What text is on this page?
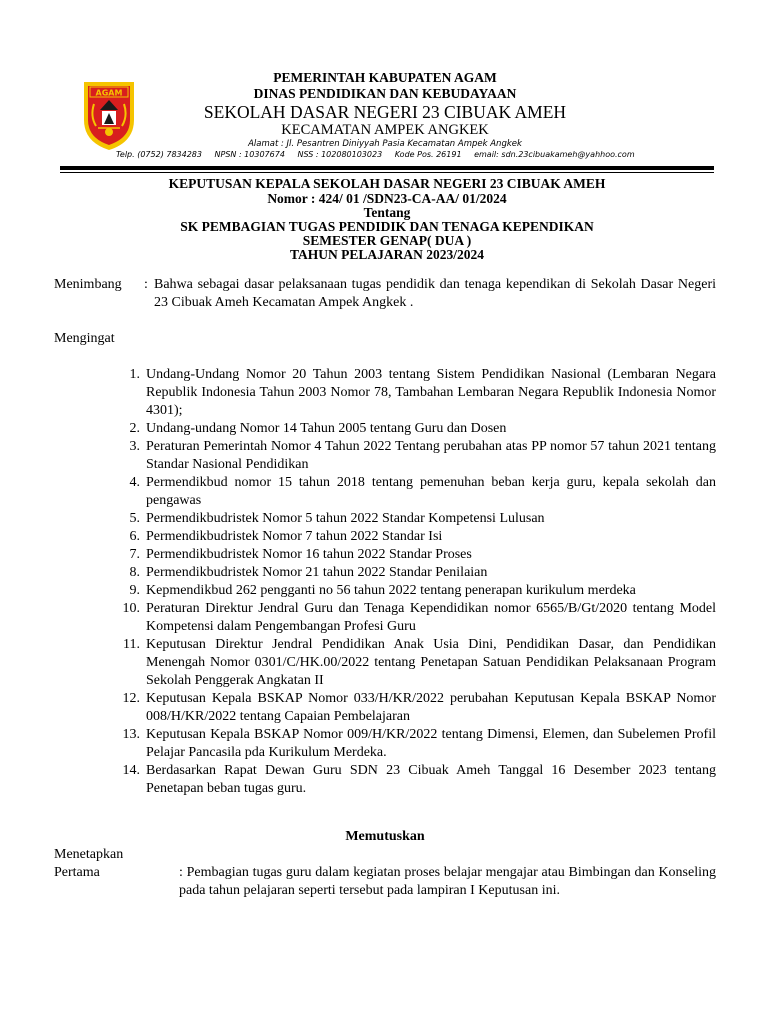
AGAM
PEMERINTAH KABUPATEN AGAM
DINAS PENDIDIKAN DAN KEBUDAYAAN
SEKOLAH DASAR NEGERI 23 CIBUAK AMEH
KECAMATAN AMPEK ANGKEK
Alamat : Jl. Pesantren Diniyyah Pasia Kecamatan Ampek Angkek
Telp. (0752) 7834283 NPSN : 10307674 NSS : 102080103023 Kode Pos. 26191 email: sdn.23cibuakameh@yahhoo.com
KEPUTUSAN KEPALA SEKOLAH DASAR NEGERI 23 CIBUAK AMEH
Nomor : 424/ 01 /SDN23-CA-AA/ 01/2024
Tentang
SK PEMBAGIAN TUGAS PENDIDIK DAN TENAGA KEPENDIKAN
SEMESTER GENAP( DUA )
TAHUN PELAJARAN 2023/2024
Menimbang	: Bahwa sebagai dasar pelaksanaan tugas pendidik dan tenaga kependikan di Sekolah Dasar Negeri 23 Cibuak Ameh Kecamatan Ampek Angkek .
Mengingat
1. Undang-Undang Nomor 20 Tahun 2003 tentang Sistem Pendidikan Nasional (Lembaran Negara Republik Indonesia Tahun 2003 Nomor 78, Tambahan Lembaran Negara Republik Indonesia Nomor 4301);
2. Undang-undang Nomor 14 Tahun 2005 tentang Guru dan Dosen
3. Peraturan Pemerintah Nomor 4 Tahun 2022 Tentang perubahan atas PP nomor 57 tahun 2021 tentang Standar Nasional Pendidikan
4. Permendikbud nomor 15 tahun 2018 tentang pemenuhan beban kerja guru, kepala sekolah dan pengawas
5. Permendikbudristek Nomor 5 tahun 2022 Standar Kompetensi Lulusan
6. Permendikbudristek Nomor 7 tahun 2022 Standar Isi
7. Permendikbudristek Nomor 16 tahun 2022 Standar Proses
8. Permendikbudristek Nomor 21 tahun 2022 Standar Penilaian
9. Kepmendikbud 262 pengganti no 56 tahun 2022 tentang penerapan kurikulum merdeka
10. Peraturan Direktur Jendral Guru dan Tenaga Kependidikan nomor 6565/B/Gt/2020 tentang Model Kompetensi dalam Pengembangan Profesi Guru
11. Keputusan Direktur Jendral Pendidikan Anak Usia Dini, Pendidikan Dasar, dan Pendidikan Menengah Nomor 0301/C/HK.00/2022 tentang Penetapan Satuan Pendidikan Pelaksanaan Program Sekolah Penggerak Angkatan II
12. Keputusan Kepala BSKAP Nomor 033/H/KR/2022 perubahan Keputusan Kepala BSKAP Nomor 008/H/KR/2022 tentang Capaian Pembelajaran
13. Keputusan Kepala BSKAP Nomor 009/H/KR/2022 tentang Dimensi, Elemen, dan Subelemen Profil Pelajar Pancasila pda Kurikulum Merdeka.
14. Berdasarkan Rapat Dewan Guru SDN 23 Cibuak Ameh Tanggal 16 Desember 2023 tentang Penetapan beban tugas guru.
Memutuskan
Menetapkan
Pertama	: Pembagian tugas guru dalam kegiatan proses belajar mengajar atau Bimbingan dan Konseling pada tahun pelajaran seperti tersebut pada lampiran I Keputusan ini.
